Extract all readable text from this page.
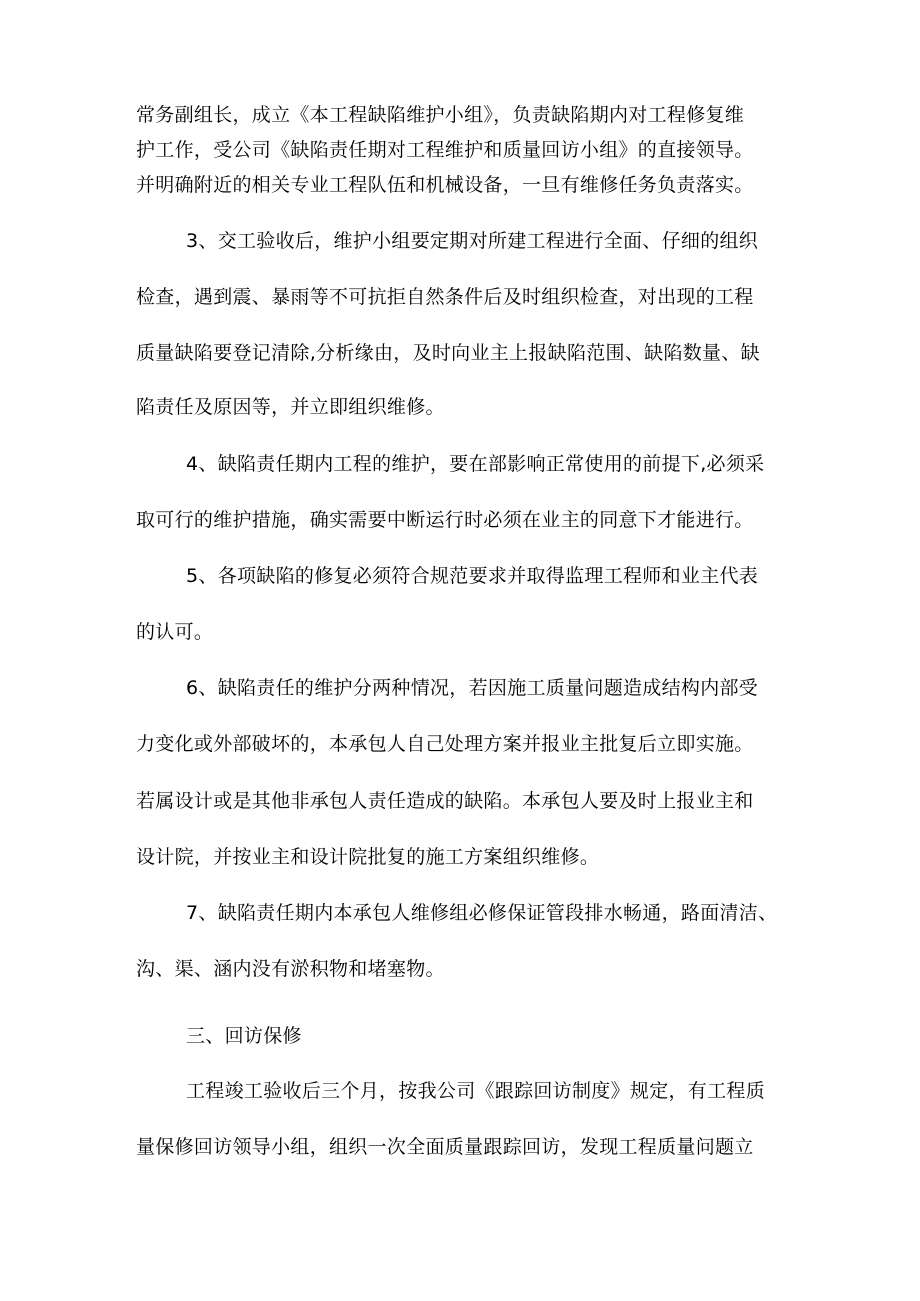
常务副组长，成立《本工程缺陷维护小组》，负责缺陷期内对工程修复维
护工作，受公司《缺陷责任期对工程维护和质量回访小组》的直接领导。
并明确附近的相关专业工程队伍和机械设备，一旦有维修任务负责落实。
3、交工验收后，维护小组要定期对所建工程进行全面、仔细的组织
检查，遇到震、暴雨等不可抗拒自然条件后及时组织检查，对出现的工程
质量缺陷要登记清除,分析缘由，及时向业主上报缺陷范围、缺陷数量、缺
陷责任及原因等，并立即组织维修。
4、缺陷责任期内工程的维护，要在部影响正常使用的前提下,必须采
取可行的维护措施，确实需要中断运行时必须在业主的同意下才能进行。
5、各项缺陷的修复必须符合规范要求并取得监理工程师和业主代表
的认可。
6、缺陷责任的维护分两种情况，若因施工质量问题造成结构内部受
力变化或外部破坏的，本承包人自己处理方案并报业主批复后立即实施。
若属设计或是其他非承包人责任造成的缺陷。本承包人要及时上报业主和
设计院，并按业主和设计院批复的施工方案组织维修。
7、缺陷责任期内本承包人维修组必修保证管段排水畅通，路面清洁、
沟、渠、涵内没有淤积物和堵塞物。
三、回访保修
工程竣工验收后三个月，按我公司《跟踪回访制度》规定，有工程质
量保修回访领导小组，组织一次全面质量跟踪回访，发现工程质量问题立
